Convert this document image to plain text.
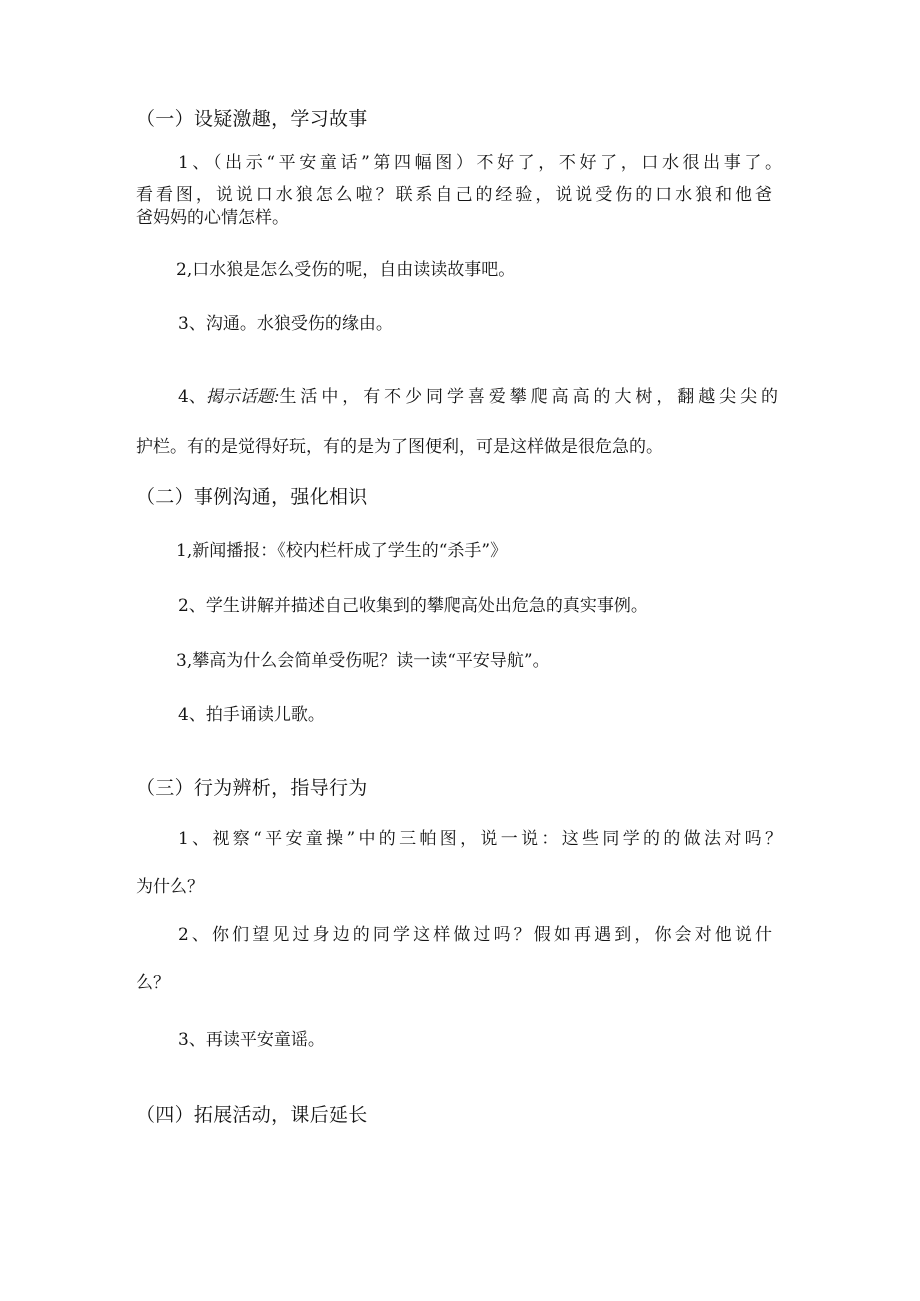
（一）设疑激趣，学习故事
1、（出示“平安童话”第四幅图）不好了，不好了，口水很出事了。
看看图，说说口水狼怎么啦？联系自己的经验，说说受伤的口水狼和他爸
爸妈妈的心情怎样。
2,口水狼是怎么受伤的呢，自由读读故事吧。
3、沟通。水狼受伤的缘由。
4、 揭示话题: 生活中，有不少同学喜爱攀爬高高的大树，翻越尖尖的
护栏。有的是觉得好玩，有的是为了图便利，可是这样做是很危急的。
（二）事例沟通，强化相识
1,新闻播报：《校内栏杆成了学生的“杀手”》
2、学生讲解并描述自己收集到的攀爬高处出危急的真实事例。
3,攀高为什么会简单受伤呢？读一读“平安导航”。
4、拍手诵读儿歌。
（三）行为辨析，指导行为
1、视察“平安童操”中的三帕图，说一说：这些同学的的做法对吗？
为什么？
2、你们望见过身边的同学这样做过吗？假如再遇到，你会对他说什
么？
3、再读平安童谣。
（四）拓展活动，课后延长
